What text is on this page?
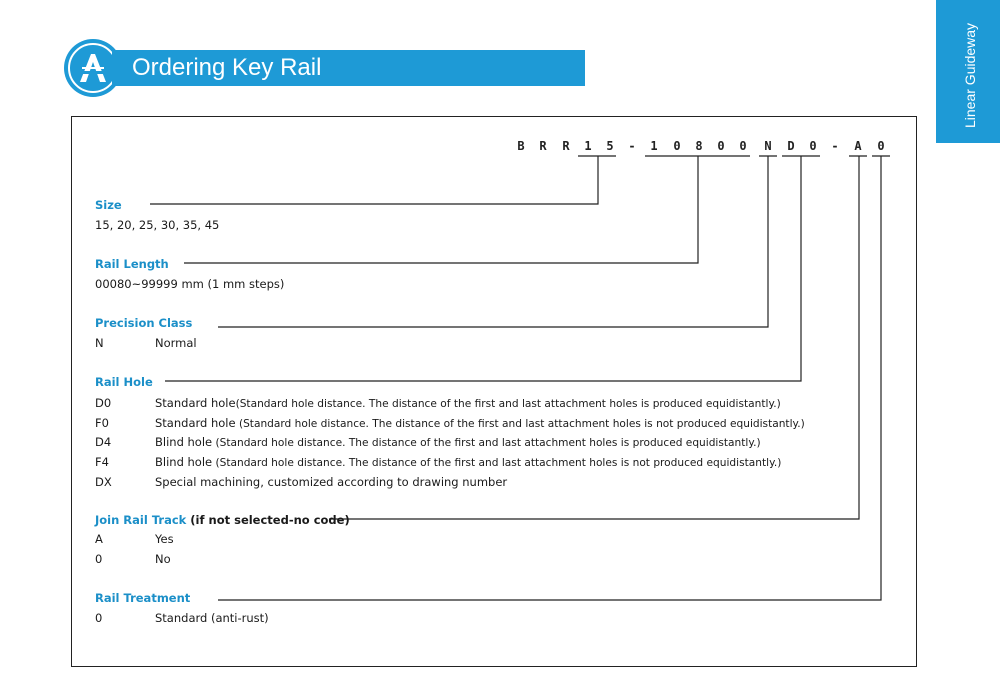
Ordering Key Rail	Linear Guideway
B	R	R	1	5	-	1	0	8	0	0	N	D	0	-	A	0
Size
15, 20, 25, 30, 35, 45
Rail Length
00080~99999 mm (1 mm steps)
Precision Class
N	Normal
Rail Hole
D0	Standard hole(Standard hole distance. The distance of the first and last attachment holes is produced equidistantly.)
F0	Standard hole (Standard hole distance. The distance of the first and last attachment holes is not produced equidistantly.)
D4	Blind hole (Standard hole distance. The distance of the first and last attachment holes is produced equidistantly.)
F4	Blind hole (Standard hole distance. The distance of the first and last attachment holes is not produced equidistantly.)
DX	Special machining, customized according to drawing number
Join Rail Track (if not selected-no code)
A	Yes
0	No
Rail Treatment
0	Standard (anti-rust)
